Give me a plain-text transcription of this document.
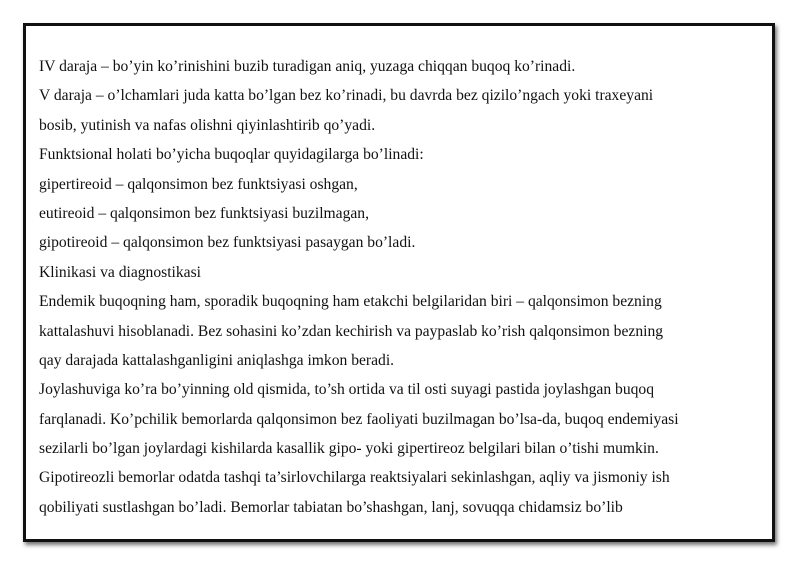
IV daraja – bo’yin ko’rinishini buzib turadigan aniq, yuzaga chiqqan buqoq ko’rinadi.
V daraja – o’lchamlari juda katta bo’lgan bez ko’rinadi, bu davrda bez qizilo’ngach yoki traxeyani
bosib, yutinish va nafas olishni qiyinlashtirib qo’yadi.
Funktsional holati bo’yicha buqoqlar quyidagilarga bo’linadi:
gipertireoid – qalqonsimon bez funktsiyasi oshgan,
eutireoid – qalqonsimon bez funktsiyasi buzilmagan,
gipotireoid – qalqonsimon bez funktsiyasi pasaygan bo’ladi.
Klinikasi va diagnostikasi
Endemik buqoqning ham, sporadik buqoqning ham etakchi belgilaridan biri – qalqonsimon bezning
kattalashuvi hisoblanadi. Bez sohasini ko’zdan kechirish va paypaslab ko’rish qalqonsimon bezning
qay darajada kattalashganligini aniqlashga imkon beradi.
Joylashuviga ko’ra bo’yinning old qismida, to’sh ortida va til osti suyagi pastida joylashgan buqoq
farqlanadi. Ko’pchilik bemorlarda qalqonsimon bez faoliyati buzilmagan bo’lsa-da, buqoq endemiyasi
sezilarli bo’lgan joylardagi kishilarda kasallik gipo- yoki gipertireoz belgilari bilan o’tishi mumkin.
Gipotireozli bemorlar odatda tashqi ta’sirlovchilarga reaktsiyalari sekinlashgan, aqliy va jismoniy ish
qobiliyati sustlashgan bo’ladi. Bemorlar tabiatan bo’shashgan, lanj, sovuqqa chidamsiz bo’lib
